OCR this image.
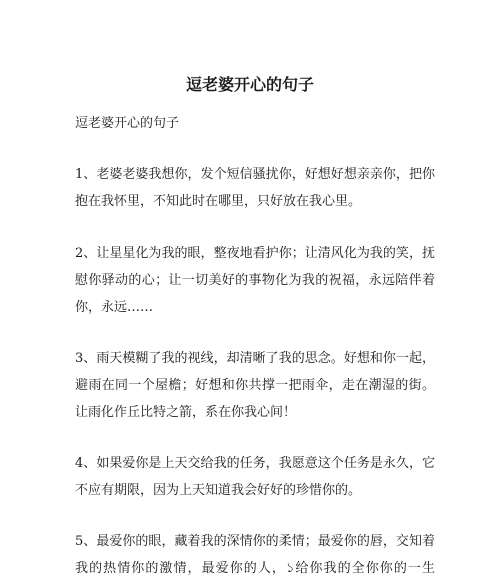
逗老婆开心的句子
逗老婆开心的句子

1、老婆老婆我想你，发个短信骚扰你，好想好想亲亲你，把你
抱在我怀里，不知此时在哪里，只好放在我心里。

2、让星星化为我的眼，整夜地看护你；让清风化为我的笑，抚
慰你驿动的心；让一切美好的事物化为我的祝福，永远陪伴着
你，永远……

3、雨天模糊了我的视线，却清晰了我的思念。好想和你一起，
避雨在同一个屋檐；好想和你共撑一把雨伞，走在潮湿的街。
让雨化作丘比特之箭，系在你我心间！

4、如果爱你是上天交给我的任务，我愿意这个任务是永久，它
不应有期限，因为上天知道我会好好的珍惜你的。

5、最爱你的眼，藏着我的深情你的柔情；最爱你的唇，交知着
我的热情你的激情，最爱你的人，১给你我的全你你的一生
